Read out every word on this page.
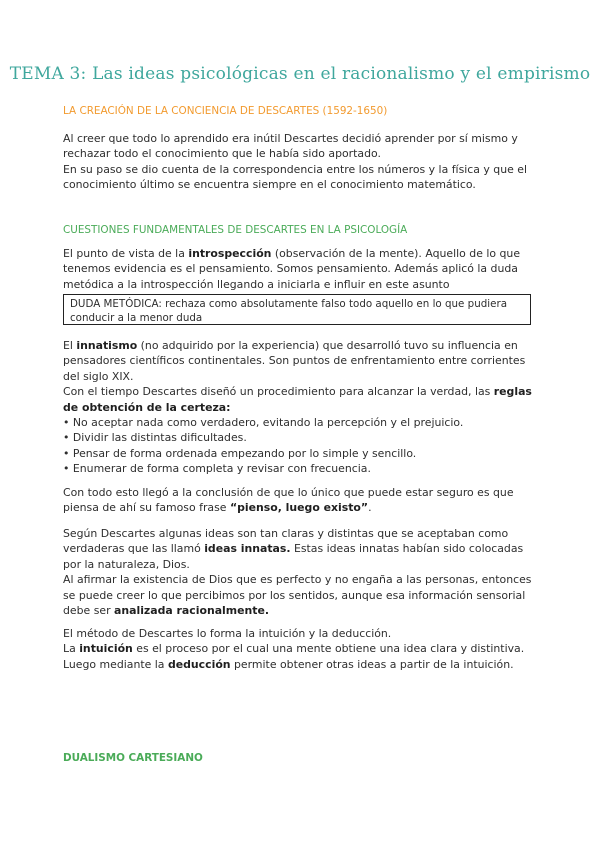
TEMA 3: Las ideas psicológicas en el racionalismo y el empirismo
LA CREACIÓN DE LA CONCIENCIA DE DESCARTES (1592-1650)

Al creer que todo lo aprendido era inútil Descartes decidió aprender por sí mismo y rechazar todo el conocimiento que le había sido aportado.

En su paso se dio cuenta de la correspondencia entre los números y la física y que el conocimiento último se encuentra siempre en el conocimiento matemático.

CUESTIONES FUNDAMENTALES DE DESCARTES EN LA PSICOLOGÍA

El punto de vista de la introspección (observación de la mente). Aquello de lo que tenemos evidencia es el pensamiento. Somos pensamiento. Además aplicó la duda metódica a la introspección llegando a iniciarla e influir en este asunto

DUDA METÓDICA: rechaza como absolutamente falso todo aquello en lo que pudiera conducir a la menor duda

El innatismo (no adquirido por la experiencia) que desarrolló tuvo su influencia en pensadores científicos continentales. Son puntos de enfrentamiento entre corrientes del siglo XIX.
Con el tiempo Descartes diseñó un procedimiento para alcanzar la verdad, las reglas de obtención de la certeza:

• No aceptar nada como verdadero, evitando la percepción y el prejuicio.
• Dividir las distintas dificultades.
• Pensar de forma ordenada empezando por lo simple y sencillo.
• Enumerar de forma completa y revisar con frecuencia.

Con todo esto llegó a la conclusión de que lo único que puede estar seguro es que piensa de ahí su famoso frase “pienso, luego existo”.

Según Descartes algunas ideas son tan claras y distintas que se aceptaban como verdaderas que las llamó ideas innatas. Estas ideas innatas habían sido colocadas por la naturaleza, Dios.
Al afirmar la existencia de Dios que es perfecto y no engaña a las personas, entonces se puede creer lo que percibimos por los sentidos, aunque esa información sensorial debe ser analizada racionalmente.

El método de Descartes lo forma la intuición y la deducción.
La intuición es el proceso por el cual una mente obtiene una idea clara y distintiva. Luego mediante la deducción permite obtener otras ideas a partir de la intuición.

DUALISMO CARTESIANO
